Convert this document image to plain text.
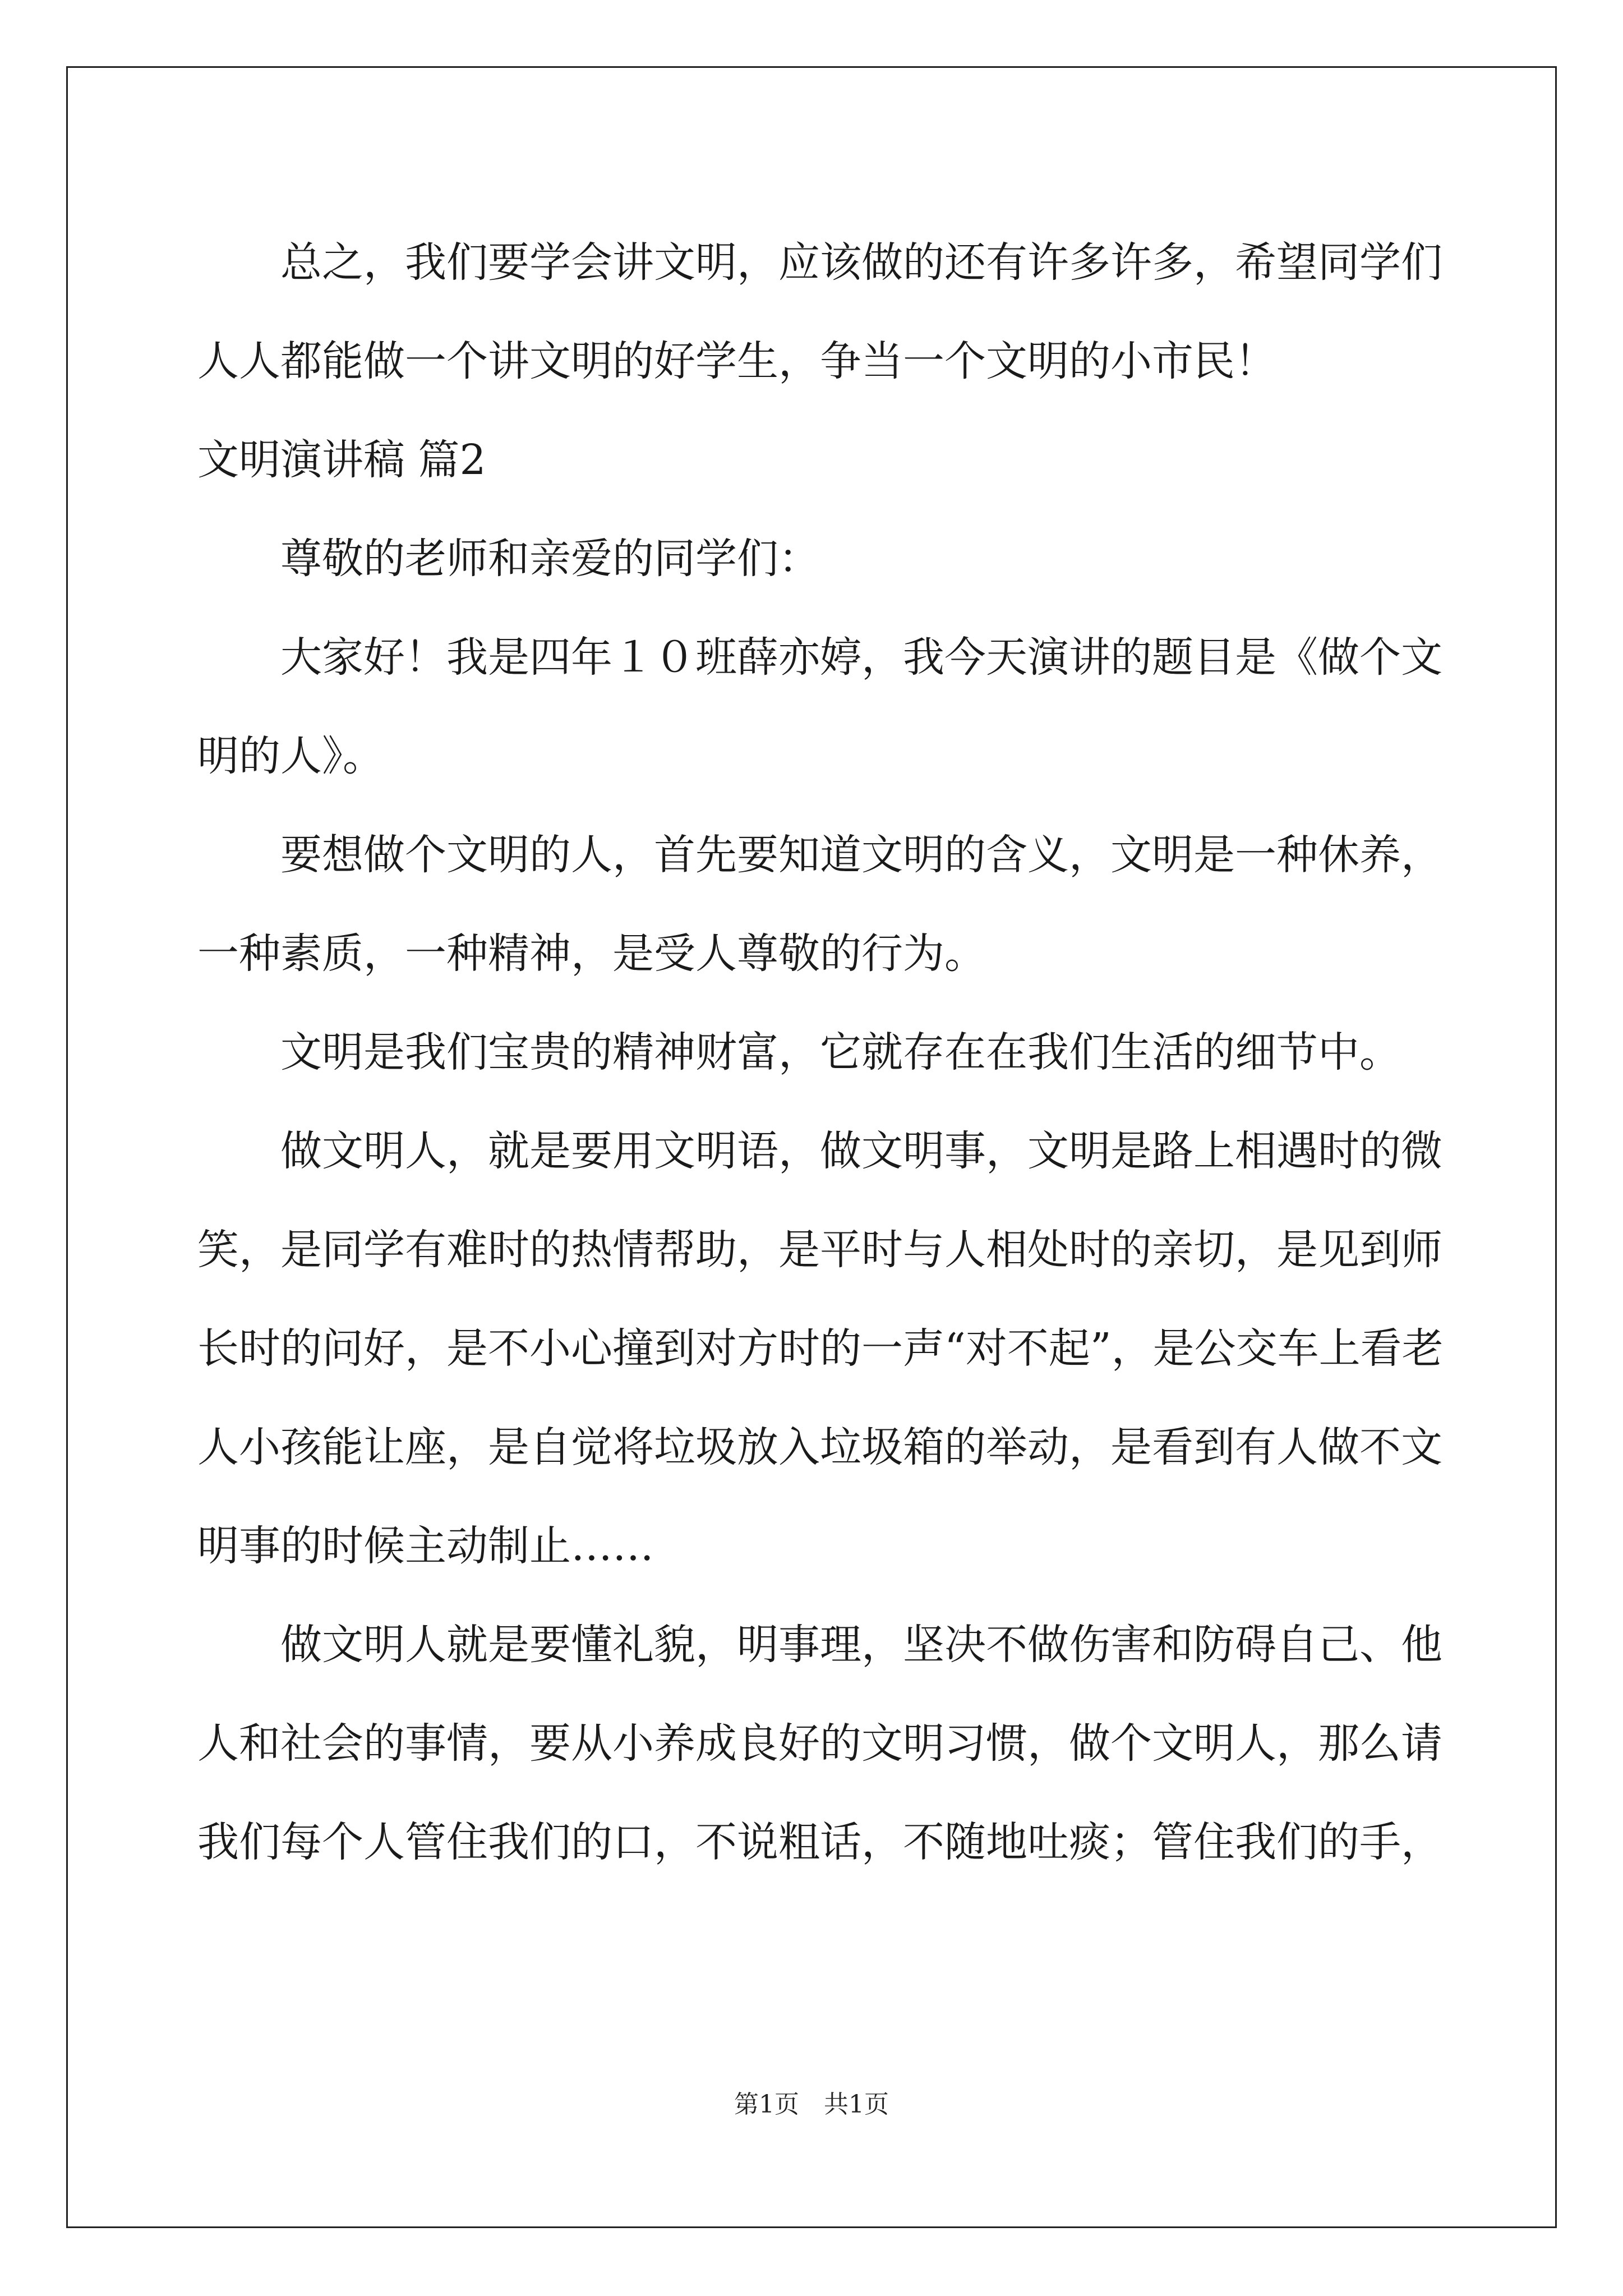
总之，我们要学会讲文明，应该做的还有许多许多，希望同学们
人人都能做一个讲文明的好学生，争当一个文明的小市民！
文明演讲稿 篇2
尊敬的老师和亲爱的同学们：
大家好！我是四年１０班薛亦婷，我今天演讲的题目是《做个文
明的人》。
要想做个文明的人，首先要知道文明的含义，文明是一种休养，
一种素质，一种精神，是受人尊敬的行为。
文明是我们宝贵的精神财富，它就存在在我们生活的细节中。
做文明人，就是要用文明语，做文明事，文明是路上相遇时的微
笑，是同学有难时的热情帮助，是平时与人相处时的亲切，是见到师
长时的问好，是不小心撞到对方时的一声“对不起”，是公交车上看老
人小孩能让座，是自觉将垃圾放入垃圾箱的举动，是看到有人做不文
明事的时候主动制止……
做文明人就是要懂礼貌，明事理，坚决不做伤害和防碍自己、他
人和社会的事情，要从小养成良好的文明习惯，做个文明人，那么请
我们每个人管住我们的口，不说粗话，不随地吐痰；管住我们的手，
第1页　共1页
